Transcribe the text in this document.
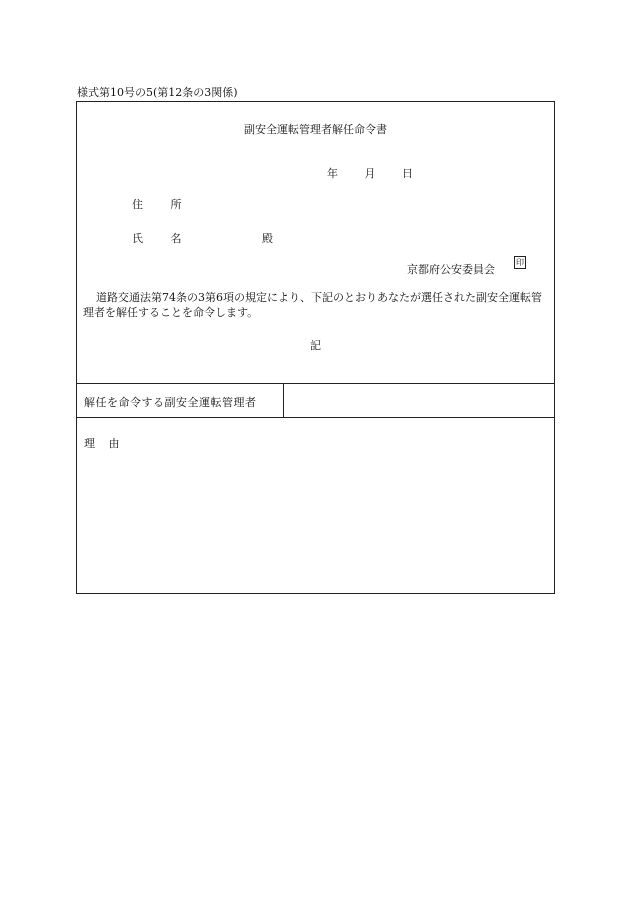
様式第10号の5(第12条の3関係)
副安全運転管理者解任命令書
年 月 日
住	所
氏	名	殿
京都府公安委員会
印
道路交通法第74条の3第6項の規定により、下記のとおりあなたが選任された副安全運転管理者を解任することを命令します。
記
解任を命令する副安全運転管理者
理 由
